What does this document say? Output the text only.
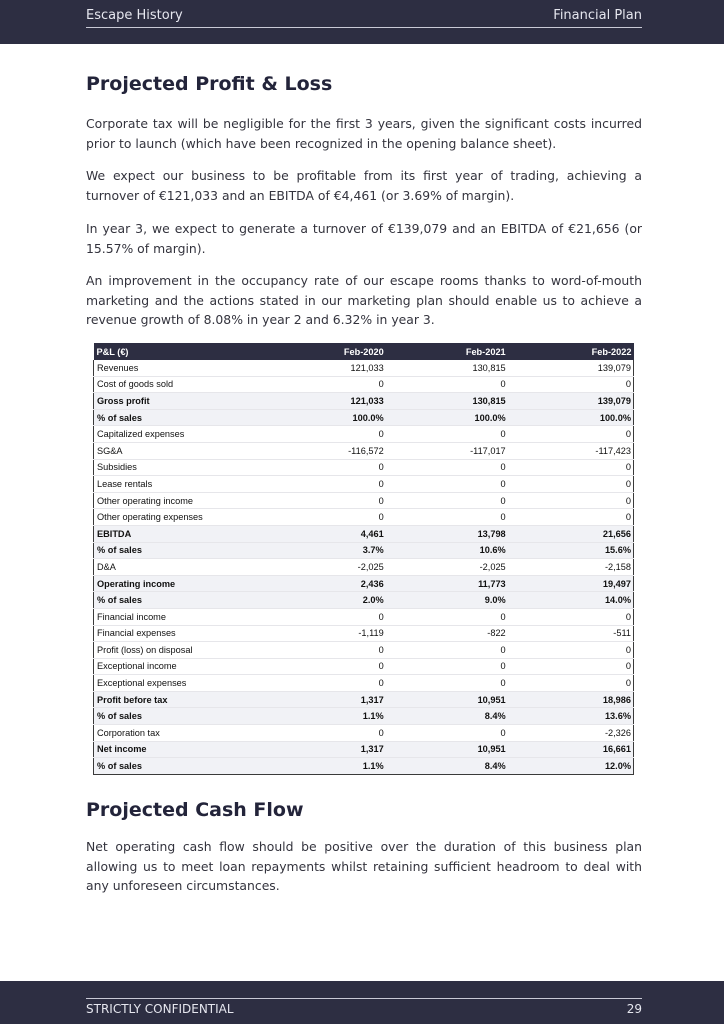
Escape History	Financial Plan
Projected Profit & Loss

Corporate tax will be negligible for the first 3 years, given the significant costs incurred prior to launch (which have been recognized in the opening balance sheet).

We expect our business to be profitable from its first year of trading, achieving a turnover of €121,033 and an EBITDA of €4,461 (or 3.69% of margin).

In year 3, we expect to generate a turnover of €139,079 and an EBITDA of €21,656 (or 15.57% of margin).

An improvement in the occupancy rate of our escape rooms thanks to word-of-mouth marketing and the actions stated in our marketing plan should enable us to achieve a revenue growth of 8.08% in year 2 and 6.32% in year 3.

P&L (€)	Feb-2020	Feb-2021	Feb-2022
Revenues	121,033	130,815	139,079
Cost of goods sold	0	0	0
Gross profit	121,033	130,815	139,079
% of sales	100.0%	100.0%	100.0%
Capitalized expenses	0	0	0
SG&A	-116,572	-117,017	-117,423
Subsidies	0	0	0
Lease rentals	0	0	0
Other operating income	0	0	0
Other operating expenses	0	0	0
EBITDA	4,461	13,798	21,656
% of sales	3.7%	10.6%	15.6%
D&A	-2,025	-2,025	-2,158
Operating income	2,436	11,773	19,497
% of sales	2.0%	9.0%	14.0%
Financial income	0	0	0
Financial expenses	-1,119	-822	-511
Profit (loss) on disposal	0	0	0
Exceptional income	0	0	0
Exceptional expenses	0	0	0
Profit before tax	1,317	10,951	18,986
% of sales	1.1%	8.4%	13.6%
Corporation tax	0	0	-2,326
Net income	1,317	10,951	16,661
% of sales	1.1%	8.4%	12.0%
Projected Cash Flow

Net operating cash flow should be positive over the duration of this business plan allowing us to meet loan repayments whilst retaining sufficient headroom to deal with any unforeseen circumstances.

STRICTLY CONFIDENTIAL	29
